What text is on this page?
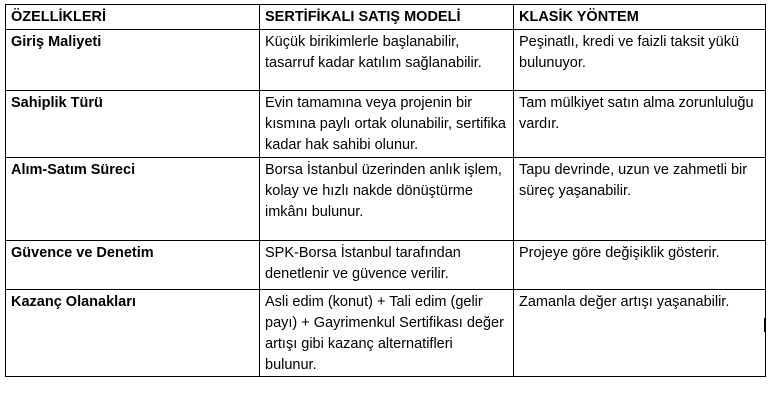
ÖZELLİKLERİ	SERTİFİKALI SATIŞ MODELİ	KLASİK YÖNTEM
Giriş Maliyeti	Küçük birikimlerle başlanabilir, tasarruf kadar katılım sağlanabilir.	Peşinatlı, kredi ve faizli taksit yükü bulunuyor.
Sahiplik Türü	Evin tamamına veya projenin bir kısmına paylı ortak olunabilir, sertifika kadar hak sahibi olunur.	Tam mülkiyet satın alma zorunluluğu vardır.
Alım-Satım Süreci	Borsa İstanbul üzerinden anlık işlem, kolay ve hızlı nakde dönüştürme imkânı bulunur.	Tapu devrinde, uzun ve zahmetli bir süreç yaşanabilir.
Güvence ve Denetim	SPK-Borsa İstanbul tarafından denetlenir ve güvence verilir.	Projeye göre değişiklik gösterir.
Kazanç Olanakları	Asli edim (konut) + Tali edim (gelir payı) + Gayrimenkul Sertifikası değer artışı gibi kazanç alternatifleri bulunur.	Zamanla değer artışı yaşanabilir.
